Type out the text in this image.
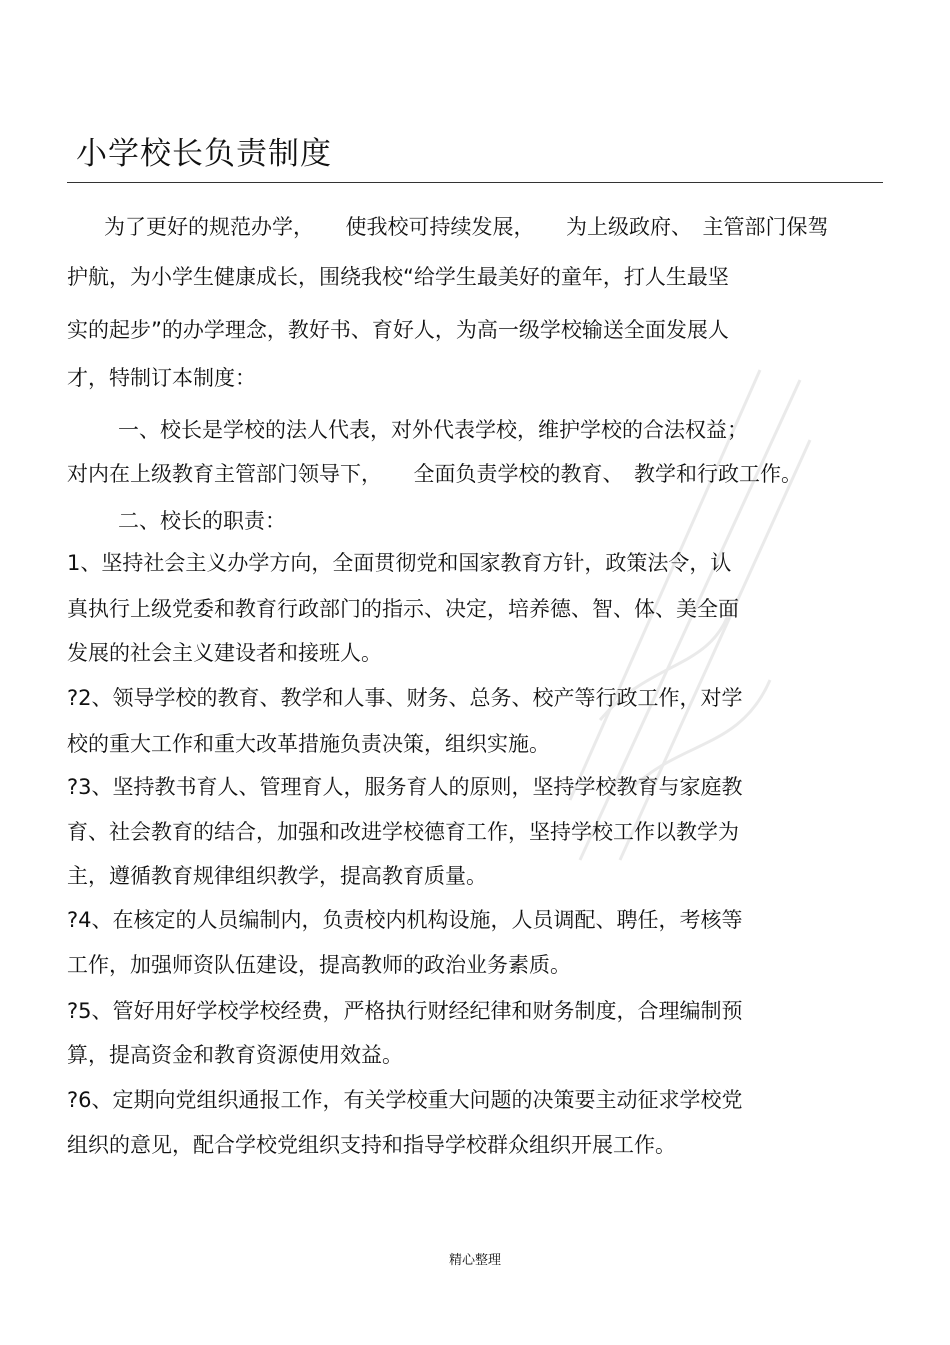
小学校长负责制度
为了更好的规范办学，　　使我校可持续发展，　　为上级政府、　主管部门保驾
护航，为小学生健康成长，围绕我校“给学生最美好的童年，打人生最坚
实的起步”的办学理念，教好书、育好人，为高一级学校输送全面发展人
才，特制订本制度：
一、校长是学校的法人代表，对外代表学校，维护学校的合法权益；
对内在上级教育主管部门领导下，　　全面负责学校的教育、　教学和行政工作。
二、校长的职责：
1、坚持社会主义办学方向，全面贯彻党和国家教育方针，政策法令，认
真执行上级党委和教育行政部门的指示、决定，培养德、智、体、美全面
发展的社会主义建设者和接班人。
?2、领导学校的教育、教学和人事、财务、总务、校产等行政工作，对学
校的重大工作和重大改革措施负责决策，组织实施。
?3、坚持教书育人、管理育人，服务育人的原则，坚持学校教育与家庭教
育、社会教育的结合，加强和改进学校德育工作，坚持学校工作以教学为
主，遵循教育规律组织教学，提高教育质量。
?4、在核定的人员编制内，负责校内机构设施，人员调配、聘任，考核等
工作，加强师资队伍建设，提高教师的政治业务素质。
?5、管好用好学校学校经费，严格执行财经纪律和财务制度，合理编制预
算，提高资金和教育资源使用效益。
?6、定期向党组织通报工作，有关学校重大问题的决策要主动征求学校党
组织的意见，配合学校党组织支持和指导学校群众组织开展工作。
精心整理
